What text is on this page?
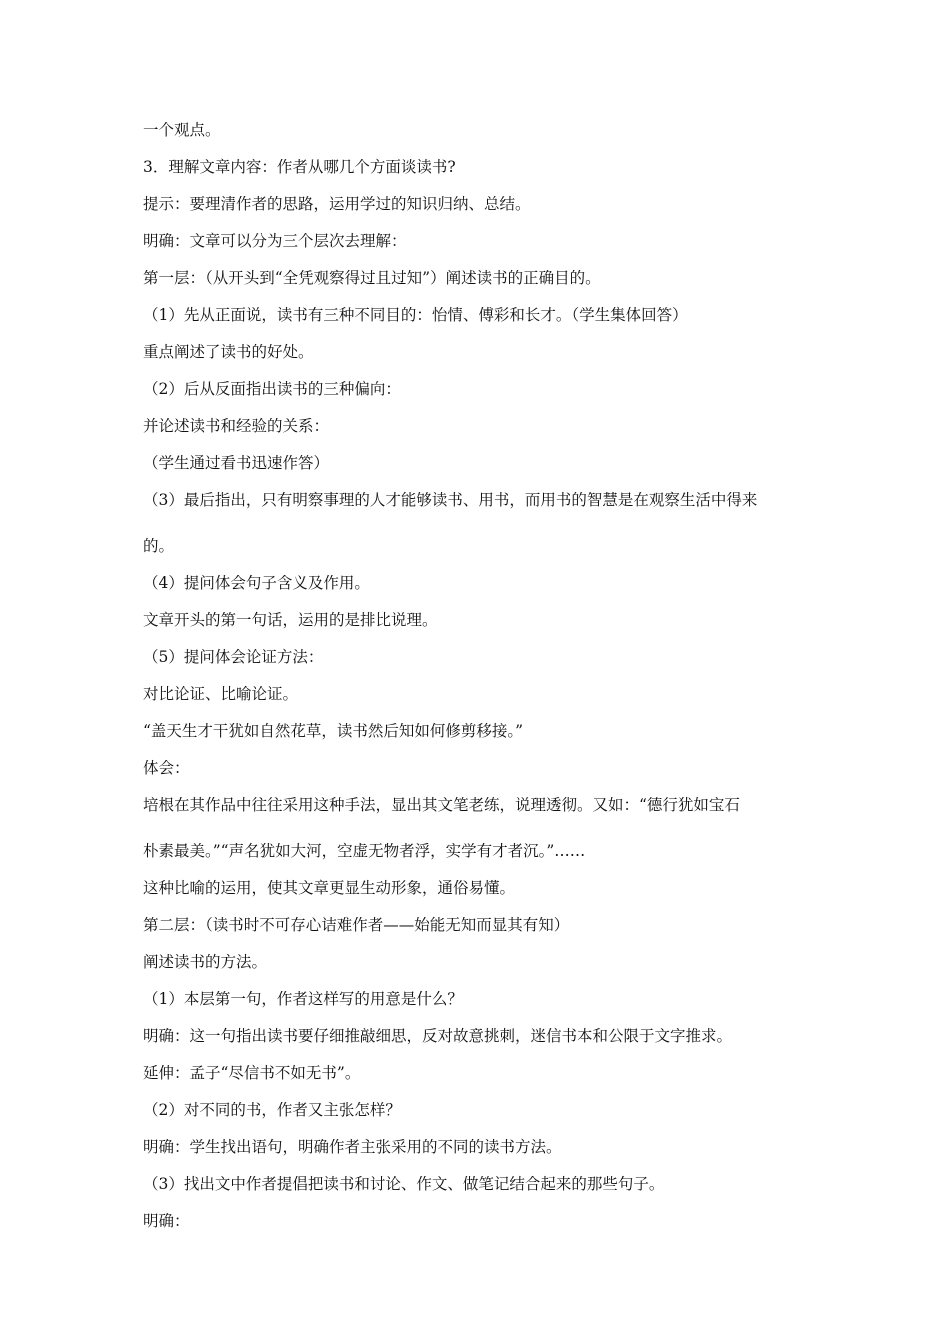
一个观点。

3．理解文章内容：作者从哪几个方面谈读书?

提示：要理清作者的思路，运用学过的知识归纳、总结。

明确：文章可以分为三个层次去理解：

第一层：（从开头到“全凭观察得过且过知”）阐述读书的正确目的。

（1）先从正面说，读书有三种不同目的：怡情、傅彩和长才。（学生集体回答）

重点阐述了读书的好处。

（2）后从反面指出读书的三种偏向：

并论述读书和经验的关系：

（学生通过看书迅速作答）

（3）最后指出，只有明察事理的人才能够读书、用书，而用书的智慧是在观察生活中得来

的。

（4）提问体会句子含义及作用。

文章开头的第一句话，运用的是排比说理。

（5）提问体会论证方法：

对比论证、比喻论证。

“盖天生才干犹如自然花草，读书然后知如何修剪移接。”

体会：

培根在其作品中往往采用这种手法，显出其文笔老练，说理透彻。又如：“德行犹如宝石

朴素最美。”“声名犹如大河，空虚无物者浮，实学有才者沉。”……

这种比喻的运用，使其文章更显生动形象，通俗易懂。

第二层：（读书时不可存心诘难作者——始能无知而显其有知）

阐述读书的方法。

（1）本层第一句，作者这样写的用意是什么？

明确：这一句指出读书要仔细推敲细思，反对故意挑刺，迷信书本和公限于文字推求。

延伸：孟子“尽信书不如无书”。

（2）对不同的书，作者又主张怎样？

明确：学生找出语句，明确作者主张采用的不同的读书方法。

（3）找出文中作者提倡把读书和讨论、作文、做笔记结合起来的那些句子。

明确：
